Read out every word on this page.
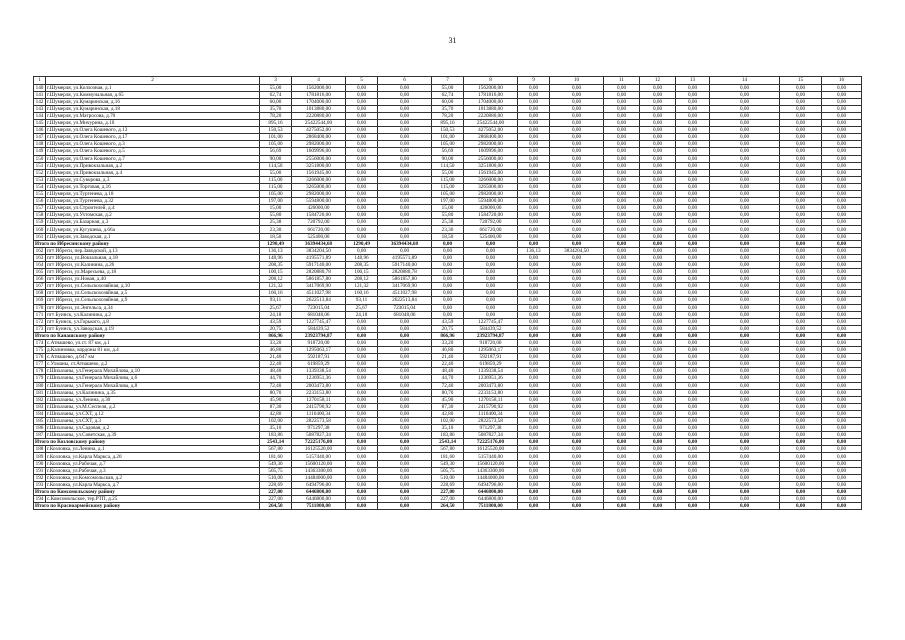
31
1	2	3	4	5	6	7	8	9	10	11	12	13	14	15	16
140	г.Шумерля, ул.Колхозная, д.1	55,00	1562000,00	0,00	0,00	55,00	1562000,00	0,00	0,00	0,00	0,00	0,00	0,00	0,00	0,00
141	г.Шумерля, ул.Коммунальная, д.65	62,74	1781816,00	0,00	0,00	62,74	1781816,00	0,00	0,00	0,00	0,00	0,00	0,00	0,00	0,00
142	г.Шумерля, ул.Кумаринская, д.16	60,00	1704000,00	0,00	0,00	60,00	1704000,00	0,00	0,00	0,00	0,00	0,00	0,00	0,00	0,00
143	г.Шумерля, ул.Кумаринская, д.18	35,70	1013880,00	0,00	0,00	35,70	1013880,00	0,00	0,00	0,00	0,00	0,00	0,00	0,00	0,00
144	г.Шумерля, ул.Матросова, д.70	78,20	2220880,00	0,00	0,00	78,20	2220880,00	0,00	0,00	0,00	0,00	0,00	0,00	0,00	0,00
145	г.Шумерля, ул.Мичурина, д.10	895,16	25422544,00	0,00	0,00	895,16	25422544,00	0,00	0,00	0,00	0,00	0,00	0,00	0,00	0,00
146	г.Шумерля, ул.Олега Кошевого, д.13	150,53	4275052,00	0,00	0,00	150,53	4275052,00	0,00	0,00	0,00	0,00	0,00	0,00	0,00	0,00
147	г.Шумерля, ул.Олега Кошевого, д.17	101,00	2868400,00	0,00	0,00	101,00	2868400,00	0,00	0,00	0,00	0,00	0,00	0,00	0,00	0,00
148	г.Шумерля, ул.Олега Кошевого, д.3	105,00	2982000,00	0,00	0,00	105,00	2982000,00	0,00	0,00	0,00	0,00	0,00	0,00	0,00	0,00
149	г.Шумерля, ул.Олега Кошевого, д.5	56,69	1609996,00	0,00	0,00	56,69	1609996,00	0,00	0,00	0,00	0,00	0,00	0,00	0,00	0,00
150	г.Шумерля, ул.Олега Кошевого, д.7	90,00	2556000,00	0,00	0,00	90,00	2556000,00	0,00	0,00	0,00	0,00	0,00	0,00	0,00	0,00
151	г.Шумерля, ул.Привокзальная, д.2	114,50	3251800,00	0,00	0,00	114,50	3251800,00	0,00	0,00	0,00	0,00	0,00	0,00	0,00	0,00
152	г.Шумерля, ул.Привокзальная, д.4	55,00	1561945,00	0,00	0,00	55,00	1561945,00	0,00	0,00	0,00	0,00	0,00	0,00	0,00	0,00
153	г.Шумерля, ул.Суворова, д.3	115,00	3266000,00	0,00	0,00	115,00	3266000,00	0,00	0,00	0,00	0,00	0,00	0,00	0,00	0,00
154	г.Шумерля, ул.Торговая, д.16	115,00	3265000,00	0,00	0,00	115,00	3265000,00	0,00	0,00	0,00	0,00	0,00	0,00	0,00	0,00
155	г.Шумерля, ул.Тургенева, д.18	105,00	2982000,00	0,00	0,00	105,00	2982000,00	0,00	0,00	0,00	0,00	0,00	0,00	0,00	0,00
156	г.Шумерля, ул.Тургенева, д.32	197,00	5594800,00	0,00	0,00	197,00	5594800,00	0,00	0,00	0,00	0,00	0,00	0,00	0,00	0,00
157	г.Шумерля, ул.Строителей, д.4	15,00	426000,00	0,00	0,00	15,00	426000,00	0,00	0,00	0,00	0,00	0,00	0,00	0,00	0,00
158	г.Шумерля, ул.Ухтомская, д.2	55,80	1584720,00	0,00	0,00	55,80	1584720,00	0,00	0,00	0,00	0,00	0,00	0,00	0,00	0,00
159	г.Шумерля, ул.Базарная, д.3	25,38	720792,00	0,00	0,00	25,38	720792,00	0,00	0,00	0,00	0,00	0,00	0,00	0,00	0,00
160	г.Шумерля, ул.Кугушева, д.66а	23,30	661720,00	0,00	0,00	23,30	661720,00	0,00	0,00	0,00	0,00	0,00	0,00	0,00	0,00
161	г.Шумерля, ул.Заводская, д.1	18,50	525400,00	0,00	0,00	18,50	525400,00	0,00	0,00	0,00	0,00	0,00	0,00	0,00	0,00
Итого по Ибресинскому району		1290,49	36394434,68	1290,49	36394434,68	0,00	0,00	0,00	0,00	0,00	0,00	0,00	0,00	0,00	0,00
162	пгт Ибреси, пер.Заводской, д.13	136,13	3834204,50	0,00	0,00	0,00	0,00	136,13	3834204,50	0,00	0,00	0,00	0,00	0,00	0,00
163	пгт Ибреси, ул.Вокзальная, д.18	148,96	4195571,89	148,96	4195571,89	0,00	0,00	0,00	0,00	0,00	0,00	0,00	0,00	0,00	0,00
164	пгт Ибреси, ул.Калинина, д.26	208,35	5917140,00	208,35	5917140,00	0,00	0,00	0,00	0,00	0,00	0,00	0,00	0,00	0,00	0,00
165	пгт Ибреси, ул.Маресьева, д.18	100,15	2820880,78	100,15	2820880,78	0,00	0,00	0,00	0,00	0,00	0,00	0,00	0,00	0,00	0,00
166	пгт Ибреси, ул.Новая, д.40	208,12	5861857,80	208,12	5861857,80	0,00	0,00	0,00	0,00	0,00	0,00	0,00	0,00	0,00	0,00
167	пгт Ибреси, ул.Сельскохозяйная, д.10	121,32	3417069,90	121,32	3417069,90	0,00	0,00	0,00	0,00	0,00	0,00	0,00	0,00	0,00	0,00
168	пгт Ибреси, ул.Сельскохозяйная, д.5	160,16	4511027,98	160,16	4511027,98	0,00	0,00	0,00	0,00	0,00	0,00	0,00	0,00	0,00	0,00
169	пгт Ибреси, ул.Сельскохозяйная, д.9	93,11	2622513,84	93,11	2622513,84	0,00	0,00	0,00	0,00	0,00	0,00	0,00	0,00	0,00	0,00
170	пгт Ибреси, ул.Энгельса, д.34	25,67	723015,04	25,67	723015,04	0,00	0,00	0,00	0,00	0,00	0,00	0,00	0,00	0,00	0,00
171	пгт Буинск, ул.Калинина, д.2	24,18	681048,06	24,18	681048,06	0,00	0,00	0,00	0,00	0,00	0,00	0,00	0,00	0,00	0,00
172	пгт Буинск, ул.Горького, д.8	43,59	1227745,47	0,00	0,00	43,59	1227745,47	0,00	0,00	0,00	0,00	0,00	0,00	0,00	0,00
173	пгт Буинск, ул.Заводская, д.19	20,75	584439,52	0,00	0,00	20,75	584439,52	0,00	0,00	0,00	0,00	0,00	0,00	0,00	0,00
Итого по Канашскому району		866,96	23923794,87	0,00	0,00	866,96	23923794,87	0,00	0,00	0,00	0,00	0,00	0,00	0,00	0,00
174	с.Атнашево, ул.ст. 87 км, д.1	33,20	918720,00	0,00	0,00	33,20	918720,00	0,00	0,00	0,00	0,00	0,00	0,00	0,00	0,00
175	д.Калиновка, кордоны 81 км, д.4	46,80	1295063,17	0,00	0,00	46,80	1295063,17	0,00	0,00	0,00	0,00	0,00	0,00	0,00	0,00
176	с.Атнашево, д.647 км	21,40	592187,91	0,00	0,00	21,40	592187,91	0,00	0,00	0,00	0,00	0,00	0,00	0,00	0,00
177	с.Ухманы, ст.Атнашево, д.2	22,40	619859,29	0,00	0,00	22,40	619859,29	0,00	0,00	0,00	0,00	0,00	0,00	0,00	0,00
178	г.Шихазаны, ул.Генерала Михайлова, д.10	48,40	1339338,54	0,00	0,00	48,40	1339338,54	0,00	0,00	0,00	0,00	0,00	0,00	0,00	0,00
179	г.Шихазаны, ул.Генерала Михайлова, д.6	44,70	1236951,36	0,00	0,00	44,70	1236951,36	0,00	0,00	0,00	0,00	0,00	0,00	0,00	0,00
180	г.Шихазаны, ул.Генерала Михайлова, д.8	72,40	2003473,80	0,00	0,00	72,40	2003473,80	0,00	0,00	0,00	0,00	0,00	0,00	0,00	0,00
181	г.Шихазаны, ул.Калинина, д.35	80,70	2233153,80	0,00	0,00	80,70	2233153,80	0,00	0,00	0,00	0,00	0,00	0,00	0,00	0,00
182	г.Шихазаны, ул.Ленина, д.30	45,90	1270158,11	0,00	0,00	45,90	1270158,11	0,00	0,00	0,00	0,00	0,00	0,00	0,00	0,00
183	г.Шихазаны, ул.М.Сеспеля, д.2	87,30	2415790,92	0,00	0,00	87,30	2415790,92	0,00	0,00	0,00	0,00	0,00	0,00	0,00	0,00
184	г.Шихазаны, ул.СХТ, д.12	42,80	1116400,34	0,00	0,00	42,80	1116400,34	0,00	0,00	0,00	0,00	0,00	0,00	0,00	0,00
185	г.Шихазаны, ул.СХТ, д.3	102,00	2822573,58	0,00	0,00	102,00	2822573,58	0,00	0,00	0,00	0,00	0,00	0,00	0,00	0,00
186	г.Шихазаны, ул.Садовая, д.2	35,10	971297,38	0,00	0,00	35,10	971297,38	0,00	0,00	0,00	0,00	0,00	0,00	0,00	0,00
187	г.Шихазаны, ул.Советская, д.39	183,86	5087827,34	0,00	0,00	183,86	5087827,34	0,00	0,00	0,00	0,00	0,00	0,00	0,00	0,00
Итого по Козловскому району		2543,14	72225176,00	0,00	0,00	2543,14	72225176,00	0,00	0,00	0,00	0,00	0,00	0,00	0,00	0,00
188	г.Козловка, ул.Ленина, д.1	567,80	16125520,00	0,00	0,00	567,80	16125520,00	0,00	0,00	0,00	0,00	0,00	0,00	0,00	0,00
189	г.Козловка, ул.Карла Маркса, д.20	181,60	5157440,00	0,00	0,00	181,60	5157440,00	0,00	0,00	0,00	0,00	0,00	0,00	0,00	0,00
190	г.Козловка, ул.Рабочая, д.7	549,30	15600120,00	0,00	0,00	549,30	15600120,00	0,00	0,00	0,00	0,00	0,00	0,00	0,00	0,00
191	г.Козловка, ул.Рабочая, д.3	505,75	14363300,00	0,00	0,00	505,75	14363300,00	0,00	0,00	0,00	0,00	0,00	0,00	0,00	0,00
192	г.Козловка, ул.Комсомольская, д.2	510,00	14484000,00	0,00	0,00	510,00	14484000,00	0,00	0,00	0,00	0,00	0,00	0,00	0,00	0,00
193	г.Козловка, ул.Карла Маркса, д.7	228,69	6494796,00	0,00	0,00	228,69	6494796,00	0,00	0,00	0,00	0,00	0,00	0,00	0,00	0,00
Итого по Комсомольскому району		227,00	6446800,00	0,00	0,00	227,00	6446800,00	0,00	0,00	0,00	0,00	0,00	0,00	0,00	0,00
194	с.Комсомольское, тер.РТП, д.25	227,00	6446800,00	0,00	0,00	227,00	6446800,00	0,00	0,00	0,00	0,00	0,00	0,00	0,00	0,00
Итого по Красноармейскому району		264,50	7511800,00	0,00	0,00	264,50	7511800,00	0,00	0,00	0,00	0,00	0,00	0,00	0,00	0,00
